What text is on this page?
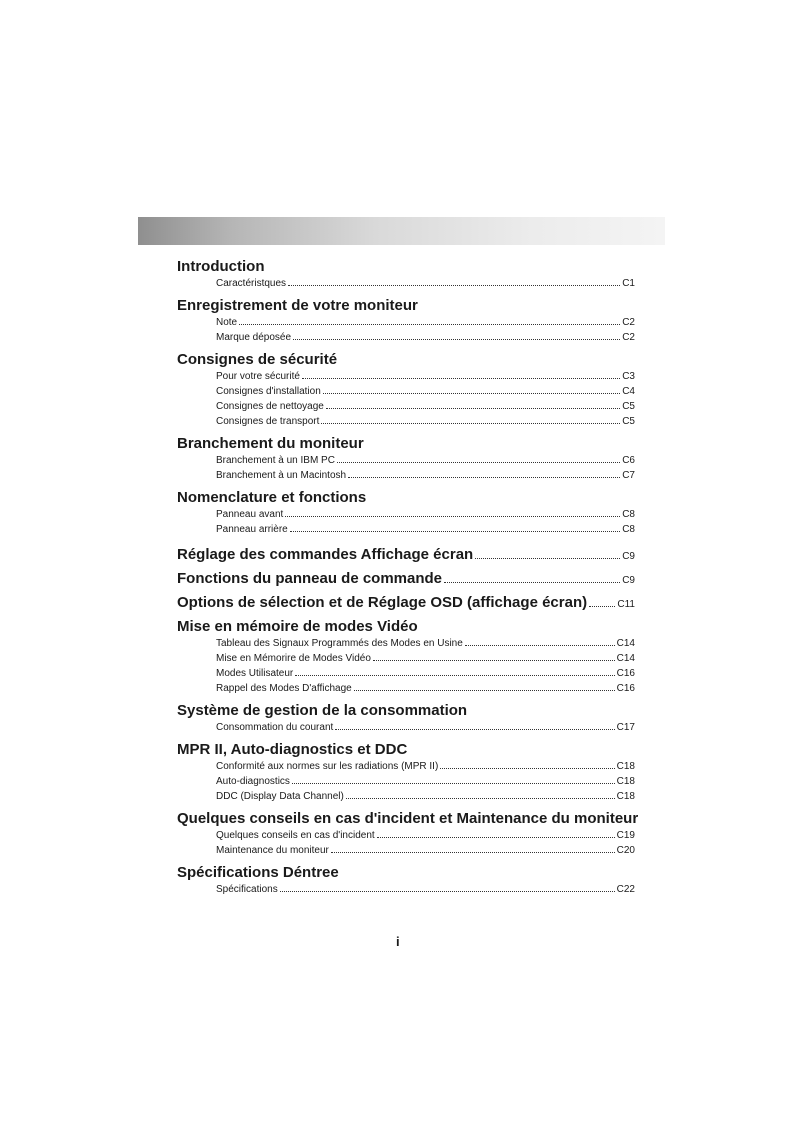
Introduction
Caractéristques	C1
Enregistrement de votre moniteur
Note	C2
Marque déposée	C2
Consignes de sécurité
Pour votre sécurité	C3
Consignes d'installation	C4
Consignes de nettoyage	C5
Consignes de transport	C5
Branchement du moniteur
Branchement à un IBM PC	C6
Branchement à un Macintosh	C7
Nomenclature et fonctions
Panneau avant	C8
Panneau arrière	C8
Réglage des commandes Affichage écran	C9
Fonctions du panneau de commande	C9
Options de sélection et de Réglage OSD (affichage écran)	C11
Mise en mémoire de modes Vidéo
Tableau des Signaux Programmés des Modes en Usine	C14
Mise en Mémorire de Modes Vidéo	C14
Modes Utilisateur	C16
Rappel des Modes D'affichage	C16
Système de gestion de la consommation
Consommation du courant	C17
MPR II, Auto-diagnostics et DDC
Conformité aux normes sur les radiations (MPR II)	C18
Auto-diagnostics	C18
DDC (Display Data Channel)	C18
Quelques conseils en cas d'incident et Maintenance du moniteur
Quelques conseils en cas d'incident	C19
Maintenance du moniteur	C20
Spécifications Déntree
Spécifications	C22
i
